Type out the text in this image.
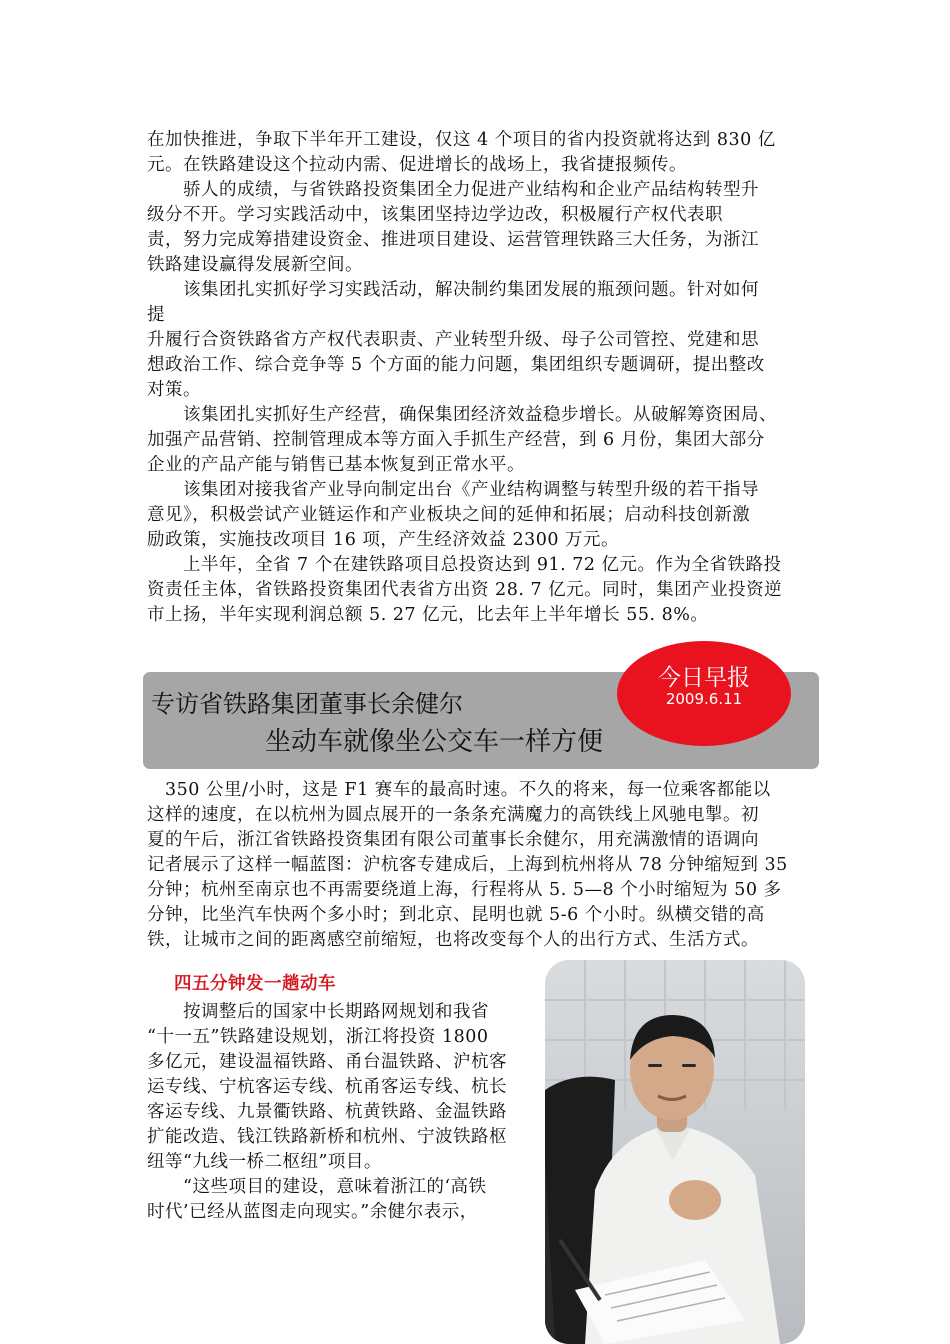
在加快推进，争取下半年开工建设，仅这 4 个项目的省内投资就将达到 830 亿

元。在铁路建设这个拉动内需、促进增长的战场上，我省捷报频传。

　　骄人的成绩，与省铁路投资集团全力促进产业结构和企业产品结构转型升

级分不开。学习实践活动中，该集团坚持边学边改，积极履行产权代表职

责，努力完成筹措建设资金、推进项目建设、运营管理铁路三大任务，为浙江

铁路建设赢得发展新空间。

　　该集团扎实抓好学习实践活动，解决制约集团发展的瓶颈问题。针对如何

提

升履行合资铁路省方产权代表职责、产业转型升级、母子公司管控、党建和思

想政治工作、综合竞争等 5 个方面的能力问题，集团组织专题调研，提出整改

对策。

　　该集团扎实抓好生产经营，确保集团经济效益稳步增长。从破解筹资困局、

加强产品营销、控制管理成本等方面入手抓生产经营，到 6 月份，集团大部分

企业的产品产能与销售已基本恢复到正常水平。

　　该集团对接我省产业导向制定出台《产业结构调整与转型升级的若干指导

意见》，积极尝试产业链运作和产业板块之间的延伸和拓展；启动科技创新激

励政策，实施技改项目 16 项，产生经济效益 2300 万元。

　　上半年，全省 7 个在建铁路项目总投资达到 91. 72 亿元。作为全省铁路投

资责任主体，省铁路投资集团代表省方出资 28. 7 亿元。同时，集团产业投资逆

市上扬，半年实现利润总额 5. 27 亿元，比去年上半年增长 55. 8%。

专访省铁路集团董事长余健尔
坐动车就像坐公交车一样方便
今日早报
2009.6.11

　350 公里/小时，这是 F1 赛车的最高时速。不久的将来，每一位乘客都能以

这样的速度，在以杭州为圆点展开的一条条充满魔力的高铁线上风驰电掣。初

夏的午后，浙江省铁路投资集团有限公司董事长余健尔，用充满激情的语调向

记者展示了这样一幅蓝图：沪杭客专建成后，上海到杭州将从 78 分钟缩短到 35

分钟；杭州至南京也不再需要绕道上海，行程将从 5. 5—8 个小时缩短为 50 多

分钟，比坐汽车快两个多小时；到北京、昆明也就 5-6 个小时。纵横交错的高

铁，让城市之间的距离感空前缩短，也将改变每个人的出行方式、生活方式。

四五分钟发一趟动车

　　按调整后的国家中长期路网规划和我省

“十一五”铁路建设规划，浙江将投资 1800

多亿元，建设温福铁路、甬台温铁路、沪杭客

运专线、宁杭客运专线、杭甬客运专线、杭长

客运专线、九景衢铁路、杭黄铁路、金温铁路

扩能改造、钱江铁路新桥和杭州、宁波铁路枢

纽等“九线一桥二枢纽”项目。

　　“这些项目的建设，意味着浙江的‘高铁

时代’已经从蓝图走向现实。”余健尔表示，
